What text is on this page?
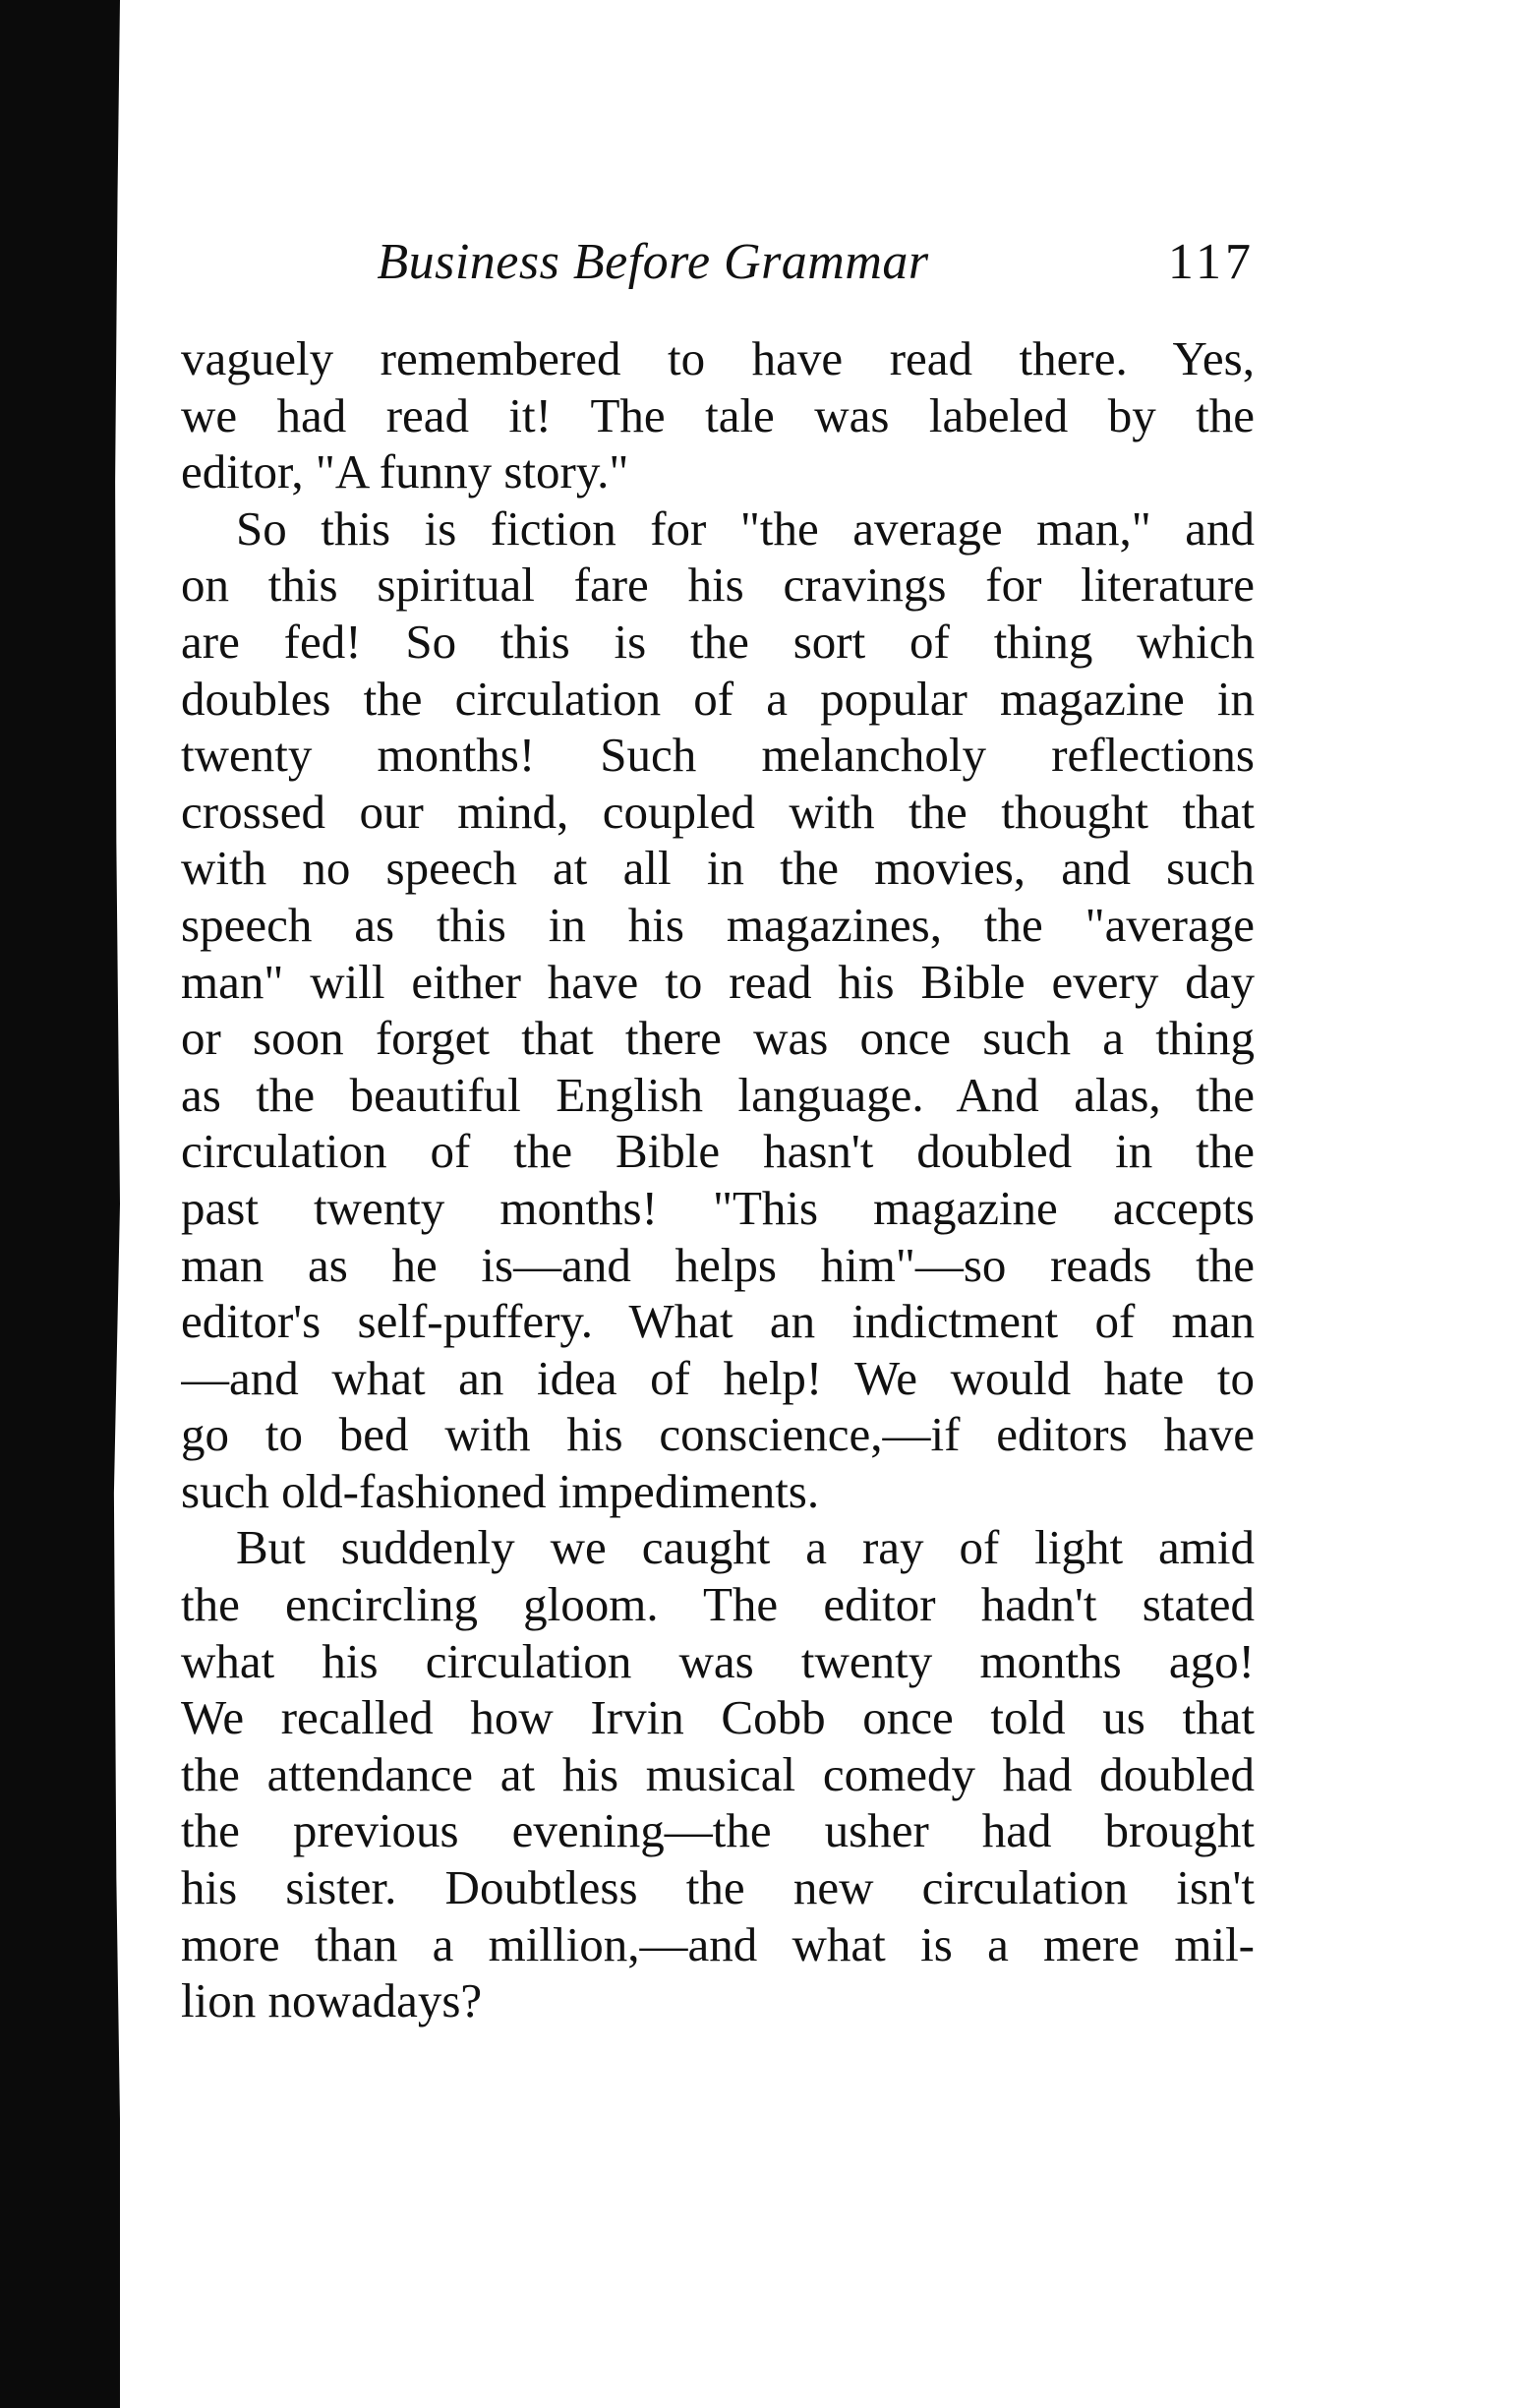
Business Before Grammar	117
vaguely remembered to have read there. Yes,
we had read it! The tale was labeled by the
editor, "A funny story."
So this is fiction for "the average man," and
on this spiritual fare his cravings for literature
are fed! So this is the sort of thing which
doubles the circulation of a popular magazine in
twenty months! Such melancholy reflections
crossed our mind, coupled with the thought that
with no speech at all in the movies, and such
speech as this in his magazines, the "average
man" will either have to read his Bible every day
or soon forget that there was once such a thing
as the beautiful English language. And alas, the
circulation of the Bible hasn't doubled in the
past twenty months! "This magazine accepts
man as he is—and helps him"—so reads the
editor's self-puffery. What an indictment of man
—and what an idea of help! We would hate to
go to bed with his conscience,—if editors have
such old-fashioned impediments.
But suddenly we caught a ray of light amid
the encircling gloom. The editor hadn't stated
what his circulation was twenty months ago!
We recalled how Irvin Cobb once told us that
the attendance at his musical comedy had doubled
the previous evening—the usher had brought
his sister. Doubtless the new circulation isn't
more than a million,—and what is a mere mil-
lion nowadays?
